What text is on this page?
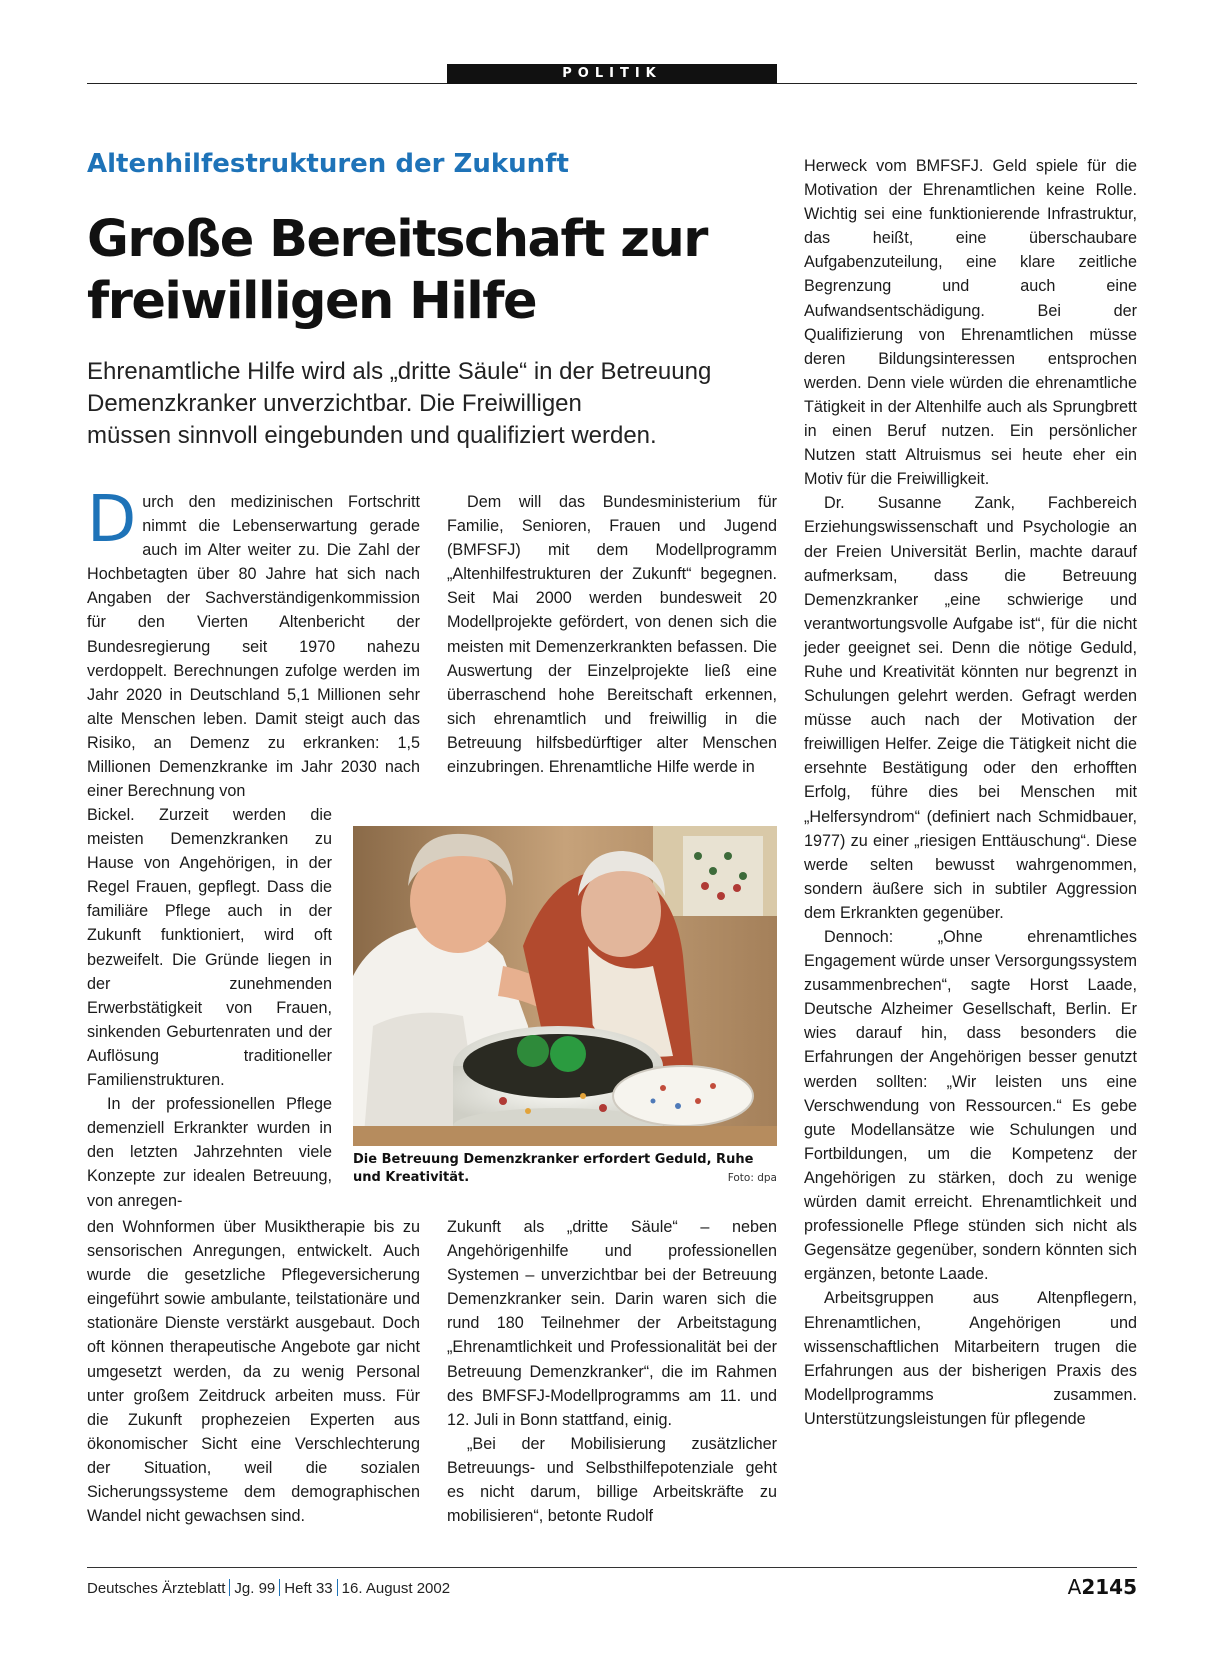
POLITIK
Altenhilfestrukturen der Zukunft
Große Bereitschaft zur
freiwilligen Hilfe
Ehrenamtliche Hilfe wird als „dritte Säule“ in der Betreuung
Demenzkranker unverzichtbar. Die Freiwilligen
müssen sinnvoll eingebunden und qualifiziert werden.

Durch den medizinischen Fortschritt nimmt die Lebenserwartung gerade auch im Alter weiter zu. Die Zahl der Hochbetagten über 80 Jahre hat sich nach Angaben der Sachverständigenkommission für den Vierten Altenbericht der Bundesregierung seit 1970 nahezu verdoppelt. Berechnungen zufolge werden im Jahr 2020 in Deutschland 5,1 Millionen sehr alte Menschen leben. Damit steigt auch das Risiko, an Demenz zu erkranken: 1,5 Millionen Demenzkranke im Jahr 2030 nach einer Berechnung von

Bickel. Zurzeit werden die meisten Demenzkranken zu Hause von Angehörigen, in der Regel Frauen, gepflegt. Dass die familiäre Pflege auch in der Zukunft funktioniert, wird oft bezweifelt. Die Gründe liegen in der zunehmenden Erwerbstätigkeit von Frauen, sinkenden Geburtenraten und der Auflösung traditioneller Familienstrukturen.

In der professionellen Pflege demenziell Erkrankter wurden in den letzten Jahrzehnten viele Konzepte zur idealen Betreuung, von anregen-

den Wohnformen über Musiktherapie bis zu sensorischen Anregungen, entwickelt. Auch wurde die gesetzliche Pflegeversicherung eingeführt sowie ambulante, teilstationäre und stationäre Dienste verstärkt ausgebaut. Doch oft können therapeutische Angebote gar nicht umgesetzt werden, da zu wenig Personal unter großem Zeitdruck arbeiten muss. Für die Zukunft prophezeien Experten aus ökonomischer Sicht eine Verschlechterung der Situation, weil die sozialen Sicherungssysteme dem demographischen Wandel nicht gewachsen sind.

Dem will das Bundesministerium für Familie, Senioren, Frauen und Jugend (BMFSFJ) mit dem Modellprogramm „Altenhilfestrukturen der Zukunft“ begegnen. Seit Mai 2000 werden bundesweit 20 Modellprojekte gefördert, von denen sich die meisten mit Demenzerkrankten befassen. Die Auswertung der Einzelprojekte ließ eine überraschend hohe Bereitschaft erkennen, sich ehrenamtlich und freiwillig in die Betreuung hilfsbedürftiger alter Menschen einzubringen. Ehrenamtliche Hilfe werde in

Zukunft als „dritte Säule“ – neben Angehörigenhilfe und professionellen Systemen – unverzichtbar bei der Betreuung Demenzkranker sein. Darin waren sich die rund 180 Teilnehmer der Arbeitstagung „Ehrenamtlichkeit und Professionalität bei der Betreuung Demenzkranker“, die im Rahmen des BMFSFJ-Modellprogramms am 11. und 12. Juli in Bonn stattfand, einig.

„Bei der Mobilisierung zusätzlicher Betreuungs- und Selbsthilfepotenziale geht es nicht darum, billige Arbeitskräfte zu mobilisieren“, betonte Rudolf

Herweck vom BMFSFJ. Geld spiele für die Motivation der Ehrenamtlichen keine Rolle. Wichtig sei eine funktionierende Infrastruktur, das heißt, eine überschaubare Aufgabenzuteilung, eine klare zeitliche Begrenzung und auch eine Aufwandsentschädigung. Bei der Qualifizierung von Ehrenamtlichen müsse deren Bildungsinteressen entsprochen werden. Denn viele würden die ehrenamtliche Tätigkeit in der Altenhilfe auch als Sprungbrett in einen Beruf nutzen. Ein persönlicher Nutzen statt Altruismus sei heute eher ein Motiv für die Freiwilligkeit.

Dr. Susanne Zank, Fachbereich Erziehungswissenschaft und Psychologie an der Freien Universität Berlin, machte darauf aufmerksam, dass die Betreuung Demenzkranker „eine schwierige und verantwortungsvolle Aufgabe ist“, für die nicht jeder geeignet sei. Denn die nötige Geduld, Ruhe und Kreativität könnten nur begrenzt in Schulungen gelehrt werden. Gefragt werden müsse auch nach der Motivation der freiwilligen Helfer. Zeige die Tätigkeit nicht die ersehnte Bestätigung oder den erhofften Erfolg, führe dies bei Menschen mit „Helfersyndrom“ (definiert nach Schmidbauer, 1977) zu einer „riesigen Enttäuschung“. Diese werde selten bewusst wahrgenommen, sondern äußere sich in subtiler Aggression dem Erkrankten gegenüber.

Dennoch: „Ohne ehrenamtliches Engagement würde unser Versorgungssystem zusammenbrechen“, sagte Horst Laade, Deutsche Alzheimer Gesellschaft, Berlin. Er wies darauf hin, dass besonders die Erfahrungen der Angehörigen besser genutzt werden sollten: „Wir leisten uns eine Verschwendung von Ressourcen.“ Es gebe gute Modellansätze wie Schulungen und Fortbildungen, um die Kompetenz der Angehörigen zu stärken, doch zu wenige würden damit erreicht. Ehrenamtlichkeit und professionelle Pflege stünden sich nicht als Gegensätze gegenüber, sondern könnten sich ergänzen, betonte Laade.

Arbeitsgruppen aus Altenpflegern, Ehrenamtlichen, Angehörigen und wissenschaftlichen Mitarbeitern trugen die Erfahrungen aus der bisherigen Praxis des Modellprogramms zusammen. Unterstützungsleistungen für pflegende

Die Betreuung Demenzkranker erfordert Geduld, Ruhe und Kreativität.	Foto: dpa
Deutsches Ärzteblatt Jg. 99 Heft 33 16. August 2002	A2145
